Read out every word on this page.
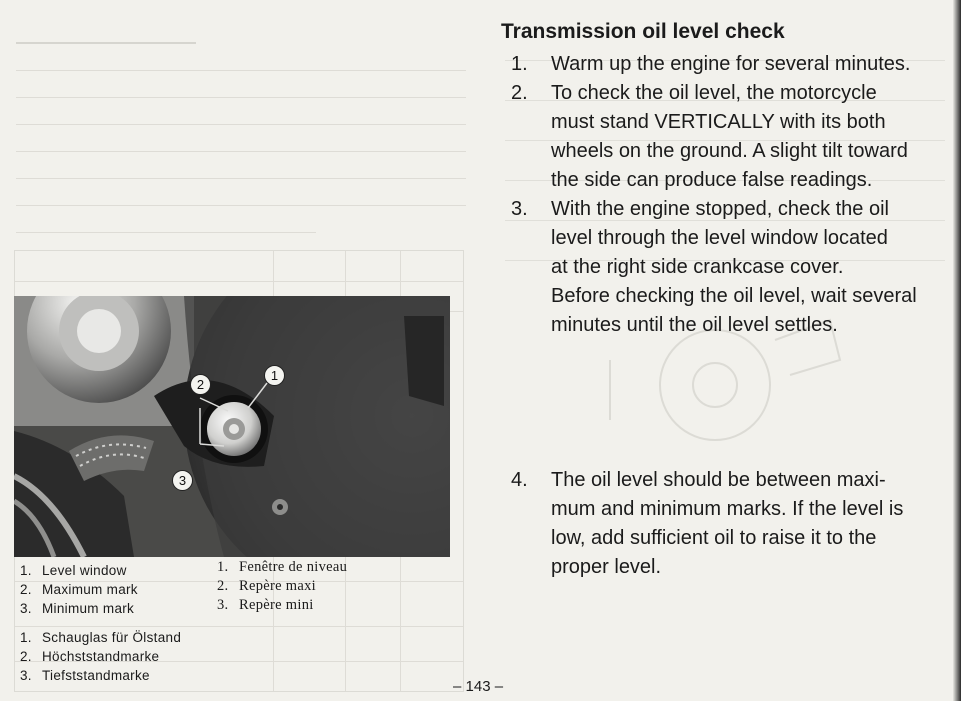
2
1
3
1. Level window
2. Maximum mark
3. Minimum mark
1. Fenêtre de niveau
2. Repère maxi
3. Repère mini
1. Schauglas für Ölstand
2. Höchststandmarke
3. Tiefststandmarke
Transmission oil level check
1. Warm up the engine for several minutes.
2. To check the oil level, the motorcycle
must stand VERTICALLY with its both
wheels on the ground. A slight tilt toward
the side can produce false readings.
3. With the engine stopped, check the oil
level through the level window located
at the right side crankcase cover.
Before checking the oil level, wait several
minutes until the oil level settles.
4. The oil level should be between maxi-
mum and minimum marks. If the level is
low, add sufficient oil to raise it to the
proper level.
– 143 –
